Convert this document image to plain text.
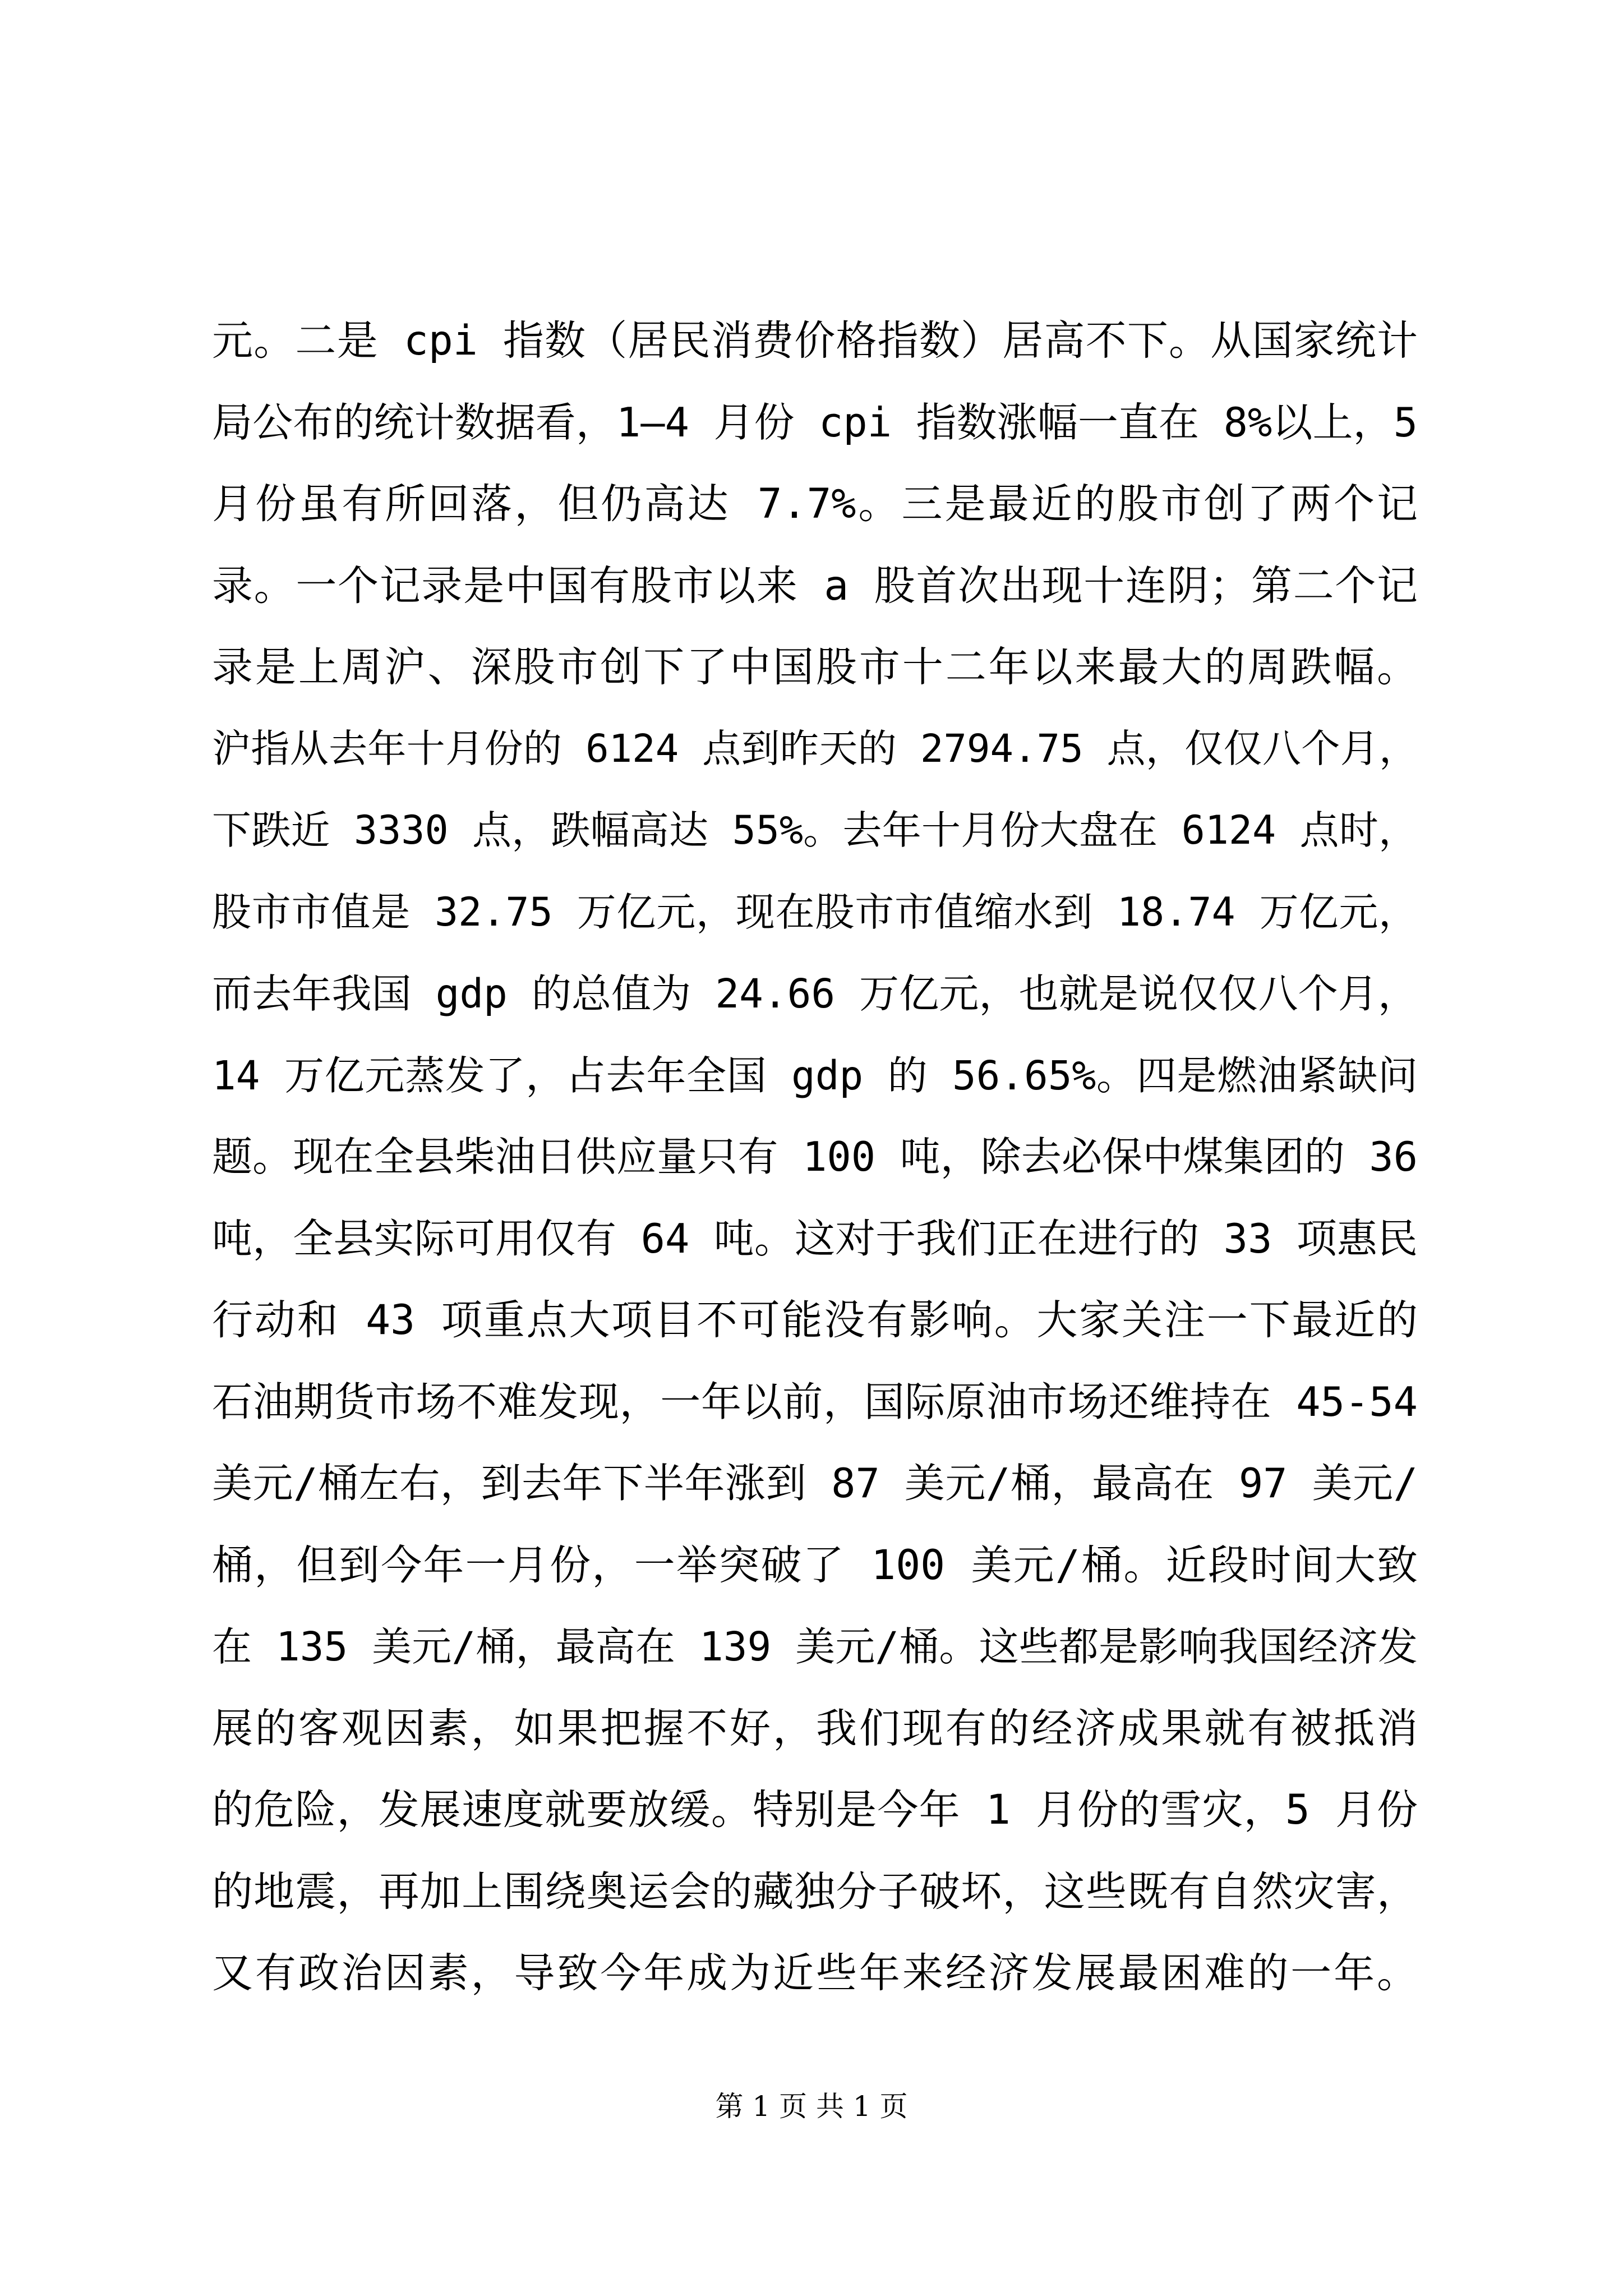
元。二是 cpi 指数（居民消费价格指数）居高不下。从国家统计
局公布的统计数据看，1—4 月份 cpi 指数涨幅一直在 8%以上，5
月份虽有所回落，但仍高达 7.7%。三是最近的股市创了两个记
录。一个记录是中国有股市以来 a 股首次出现十连阴；第二个记
录是上周沪、深股市创下了中国股市十二年以来最大的周跌幅。
沪指从去年十月份的 6124 点到昨天的 2794.75 点，仅仅八个月，
下跌近 3330 点，跌幅高达 55%。去年十月份大盘在 6124 点时，
股市市值是 32.75 万亿元，现在股市市值缩水到 18.74 万亿元，
而去年我国 gdp 的总值为 24.66 万亿元，也就是说仅仅八个月，
14 万亿元蒸发了，占去年全国 gdp 的 56.65%。四是燃油紧缺问
题。现在全县柴油日供应量只有 100 吨，除去必保中煤集团的 36
吨，全县实际可用仅有 64 吨。这对于我们正在进行的 33 项惠民
行动和 43 项重点大项目不可能没有影响。大家关注一下最近的
石油期货市场不难发现，一年以前，国际原油市场还维持在 45-54
美元/桶左右，到去年下半年涨到 87 美元/桶，最高在 97 美元/
桶，但到今年一月份，一举突破了 100 美元/桶。近段时间大致
在 135 美元/桶，最高在 139 美元/桶。这些都是影响我国经济发
展的客观因素，如果把握不好，我们现有的经济成果就有被抵消
的危险，发展速度就要放缓。特别是今年 1 月份的雪灾，5 月份
的地震，再加上围绕奥运会的藏独分子破坏，这些既有自然灾害，
又有政治因素，导致今年成为近些年来经济发展最困难的一年。
第 1 页 共 1 页
